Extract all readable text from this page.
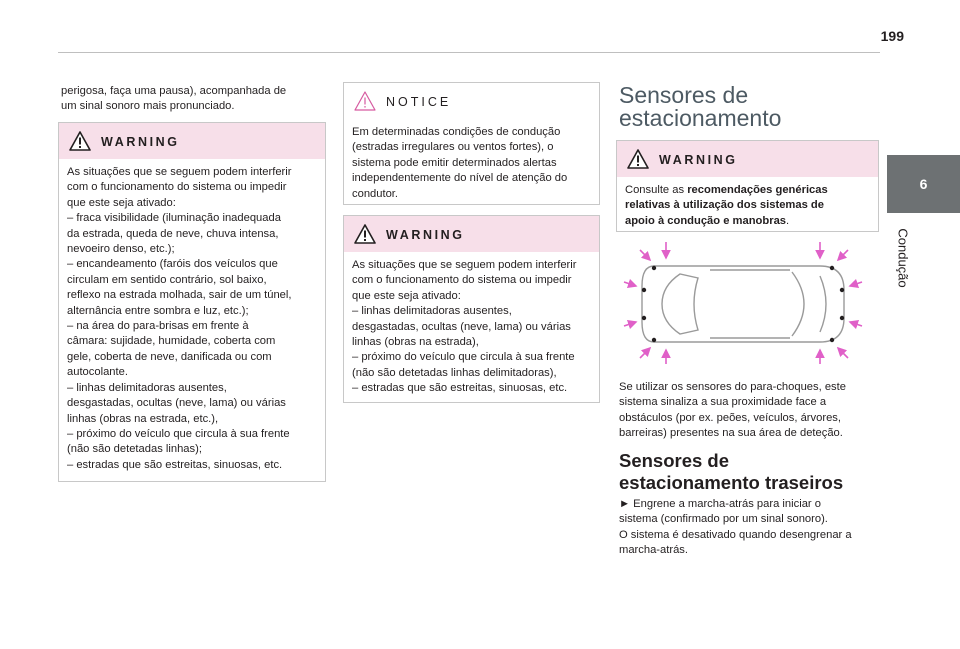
199
6
Condução
perigosa, faça uma pausa), acompanhada de
um sinal sonoro mais pronunciado.
WARNING
As situações que se seguem podem interferir
com o funcionamento do sistema ou impedir
que este seja ativado:
– fraca visibilidade (iluminação inadequada
da estrada, queda de neve, chuva intensa,
nevoeiro denso, etc.);
– encandeamento (faróis dos veículos que
circulam em sentido contrário, sol baixo,
reflexo na estrada molhada, sair de um túnel,
alternância entre sombra e luz, etc.);
– na área do para-brisas em frente à
câmara: sujidade, humidade, coberta com
gele, coberta de neve, danificada ou com
autocolante.
– linhas delimitadoras ausentes,
desgastadas, ocultas (neve, lama) ou várias
linhas (obras na estrada, etc.),
– próximo do veículo que circula à sua frente
(não são detetadas linhas);
– estradas que são estreitas, sinuosas, etc.
NOTICE
Em determinadas condições de condução
(estradas irregulares ou ventos fortes), o
sistema pode emitir determinados alertas
independentemente do nível de atenção do
condutor.
WARNING
As situações que se seguem podem interferir
com o funcionamento do sistema ou impedir
que este seja ativado:
– linhas delimitadoras ausentes,
desgastadas, ocultas (neve, lama) ou várias
linhas (obras na estrada),
– próximo do veículo que circula à sua frente
(não são detetadas linhas delimitadoras),
– estradas que são estreitas, sinuosas, etc.
Sensores de
estacionamento
WARNING
Consulte as recomendações genéricas
relativas à utilização dos sistemas de
apoio à condução e manobras.
Se utilizar os sensores do para-choques, este
sistema sinaliza a sua proximidade face a
obstáculos (por ex. peões, veículos, árvores,
barreiras) presentes na sua área de deteção.
Sensores de
estacionamento traseiros
► Engrene a marcha-atrás para iniciar o
sistema (confirmado por um sinal sonoro).
O sistema é desativado quando desengrenar a
marcha-atrás.
